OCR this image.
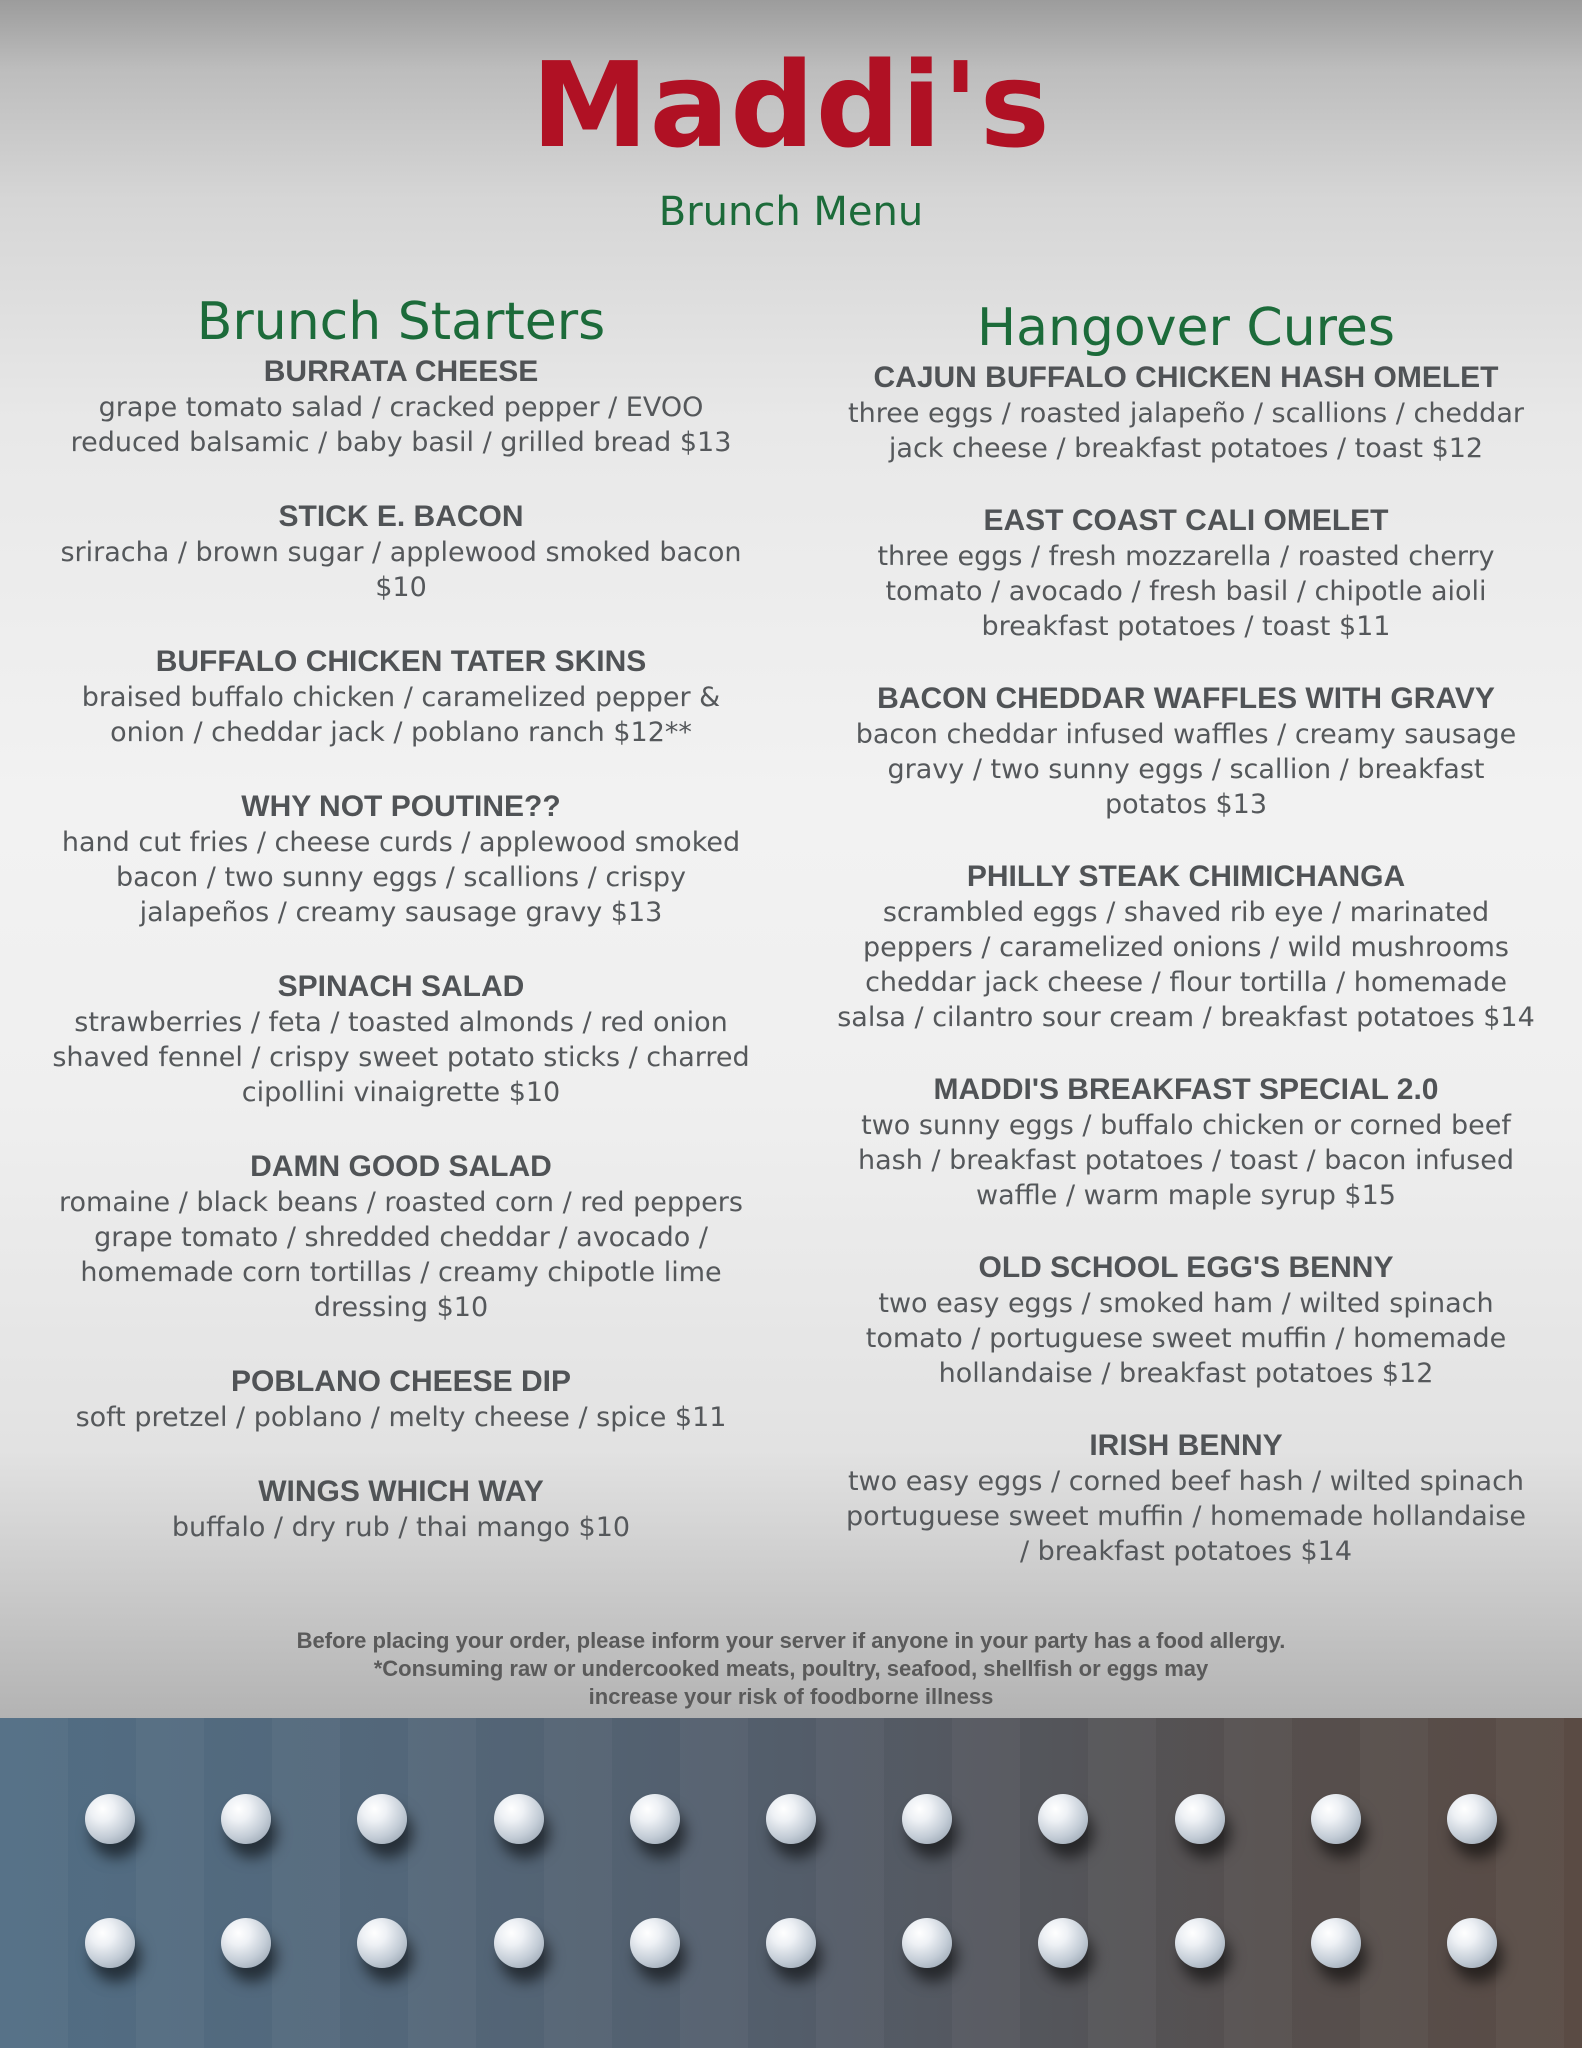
Maddi's
Brunch Menu
Brunch Starters
BURRATA CHEESE
grape tomato salad / cracked pepper / EVOO
reduced balsamic / baby basil / grilled bread $13
STICK E. BACON
sriracha / brown sugar / applewood smoked bacon
$10
BUFFALO CHICKEN TATER SKINS
braised buffalo chicken / caramelized pepper &
onion / cheddar jack / poblano ranch $12**
WHY NOT POUTINE??
hand cut fries / cheese curds / applewood smoked
bacon / two sunny eggs / scallions / crispy
jalapeños / creamy sausage gravy $13
SPINACH SALAD
strawberries / feta / toasted almonds / red onion
shaved fennel / crispy sweet potato sticks / charred
cipollini vinaigrette $10
DAMN GOOD SALAD
romaine / black beans / roasted corn / red peppers
grape tomato / shredded cheddar / avocado /
homemade corn tortillas / creamy chipotle lime
dressing $10
POBLANO CHEESE DIP
soft pretzel / poblano / melty cheese / spice $11
WINGS WHICH WAY
buffalo / dry rub / thai mango $10
Hangover Cures
CAJUN BUFFALO CHICKEN HASH OMELET
three eggs / roasted jalapeño / scallions / cheddar
jack cheese / breakfast potatoes / toast $12
EAST COAST CALI OMELET
three eggs / fresh mozzarella / roasted cherry
tomato / avocado / fresh basil / chipotle aioli
breakfast potatoes / toast $11
BACON CHEDDAR WAFFLES WITH GRAVY
bacon cheddar infused waffles / creamy sausage
gravy / two sunny eggs / scallion / breakfast
potatos $13
PHILLY STEAK CHIMICHANGA
scrambled eggs / shaved rib eye / marinated
peppers / caramelized onions / wild mushrooms
cheddar jack cheese / flour tortilla / homemade
salsa / cilantro sour cream / breakfast potatoes $14
MADDI'S BREAKFAST SPECIAL 2.0
two sunny eggs / buffalo chicken or corned beef
hash / breakfast potatoes / toast / bacon infused
waffle / warm maple syrup $15
OLD SCHOOL EGG'S BENNY
two easy eggs / smoked ham / wilted spinach
tomato / portuguese sweet muffin / homemade
hollandaise / breakfast potatoes $12
IRISH BENNY
two easy eggs / corned beef hash / wilted spinach
portuguese sweet muffin / homemade hollandaise
/ breakfast potatoes $14
Before placing your order, please inform your server if anyone in your party has a food allergy.
*Consuming raw or undercooked meats, poultry, seafood, shellfish or eggs may
increase your risk of foodborne illness
